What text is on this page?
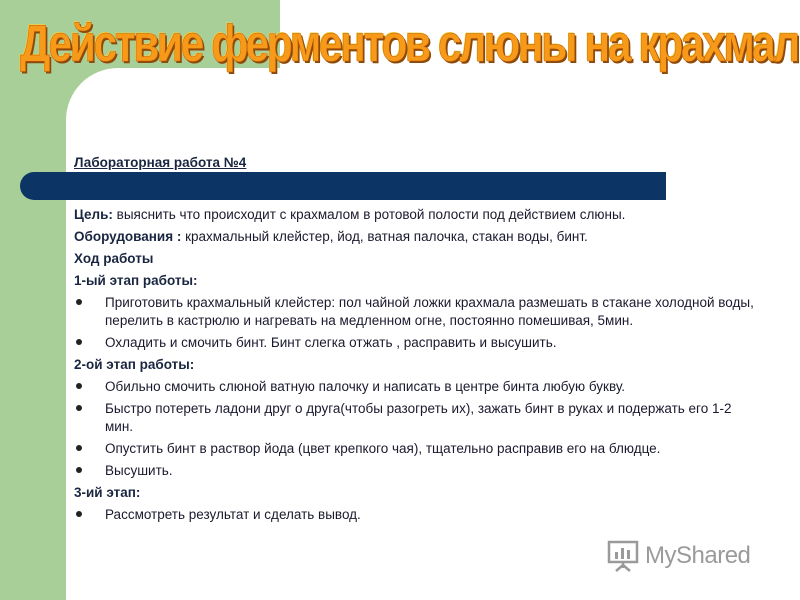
Действие ферментов слюны на крахмал
Лабораторная работа №4

Цель: выяснить что происходит с крахмалом в ротовой полости под действием слюны.

Оборудования : крахмальный клейстер, йод, ватная палочка, стакан воды, бинт.

Ход работы

1-ый этап работы:
Приготовить крахмальный клейстер: пол чайной ложки крахмала размешать в стакане холодной воды, перелить в кастрюлю и нагревать на медленном огне, постоянно помешивая, 5мин.
Охладить и смочить бинт. Бинт слегка отжать , расправить и высушить.
2-ой этап работы:
Обильно смочить слюной ватную палочку и написать в центре бинта любую букву.
Быстро потереть ладони друг о друга(чтобы разогреть их), зажать бинт в руках и подержать его 1-2 мин.
Опустить бинт в раствор йода (цвет крепкого чая), тщательно расправив его на блюдце.
Высушить.
3-ий этап:
Рассмотреть результат и сделать вывод.
MyShared
